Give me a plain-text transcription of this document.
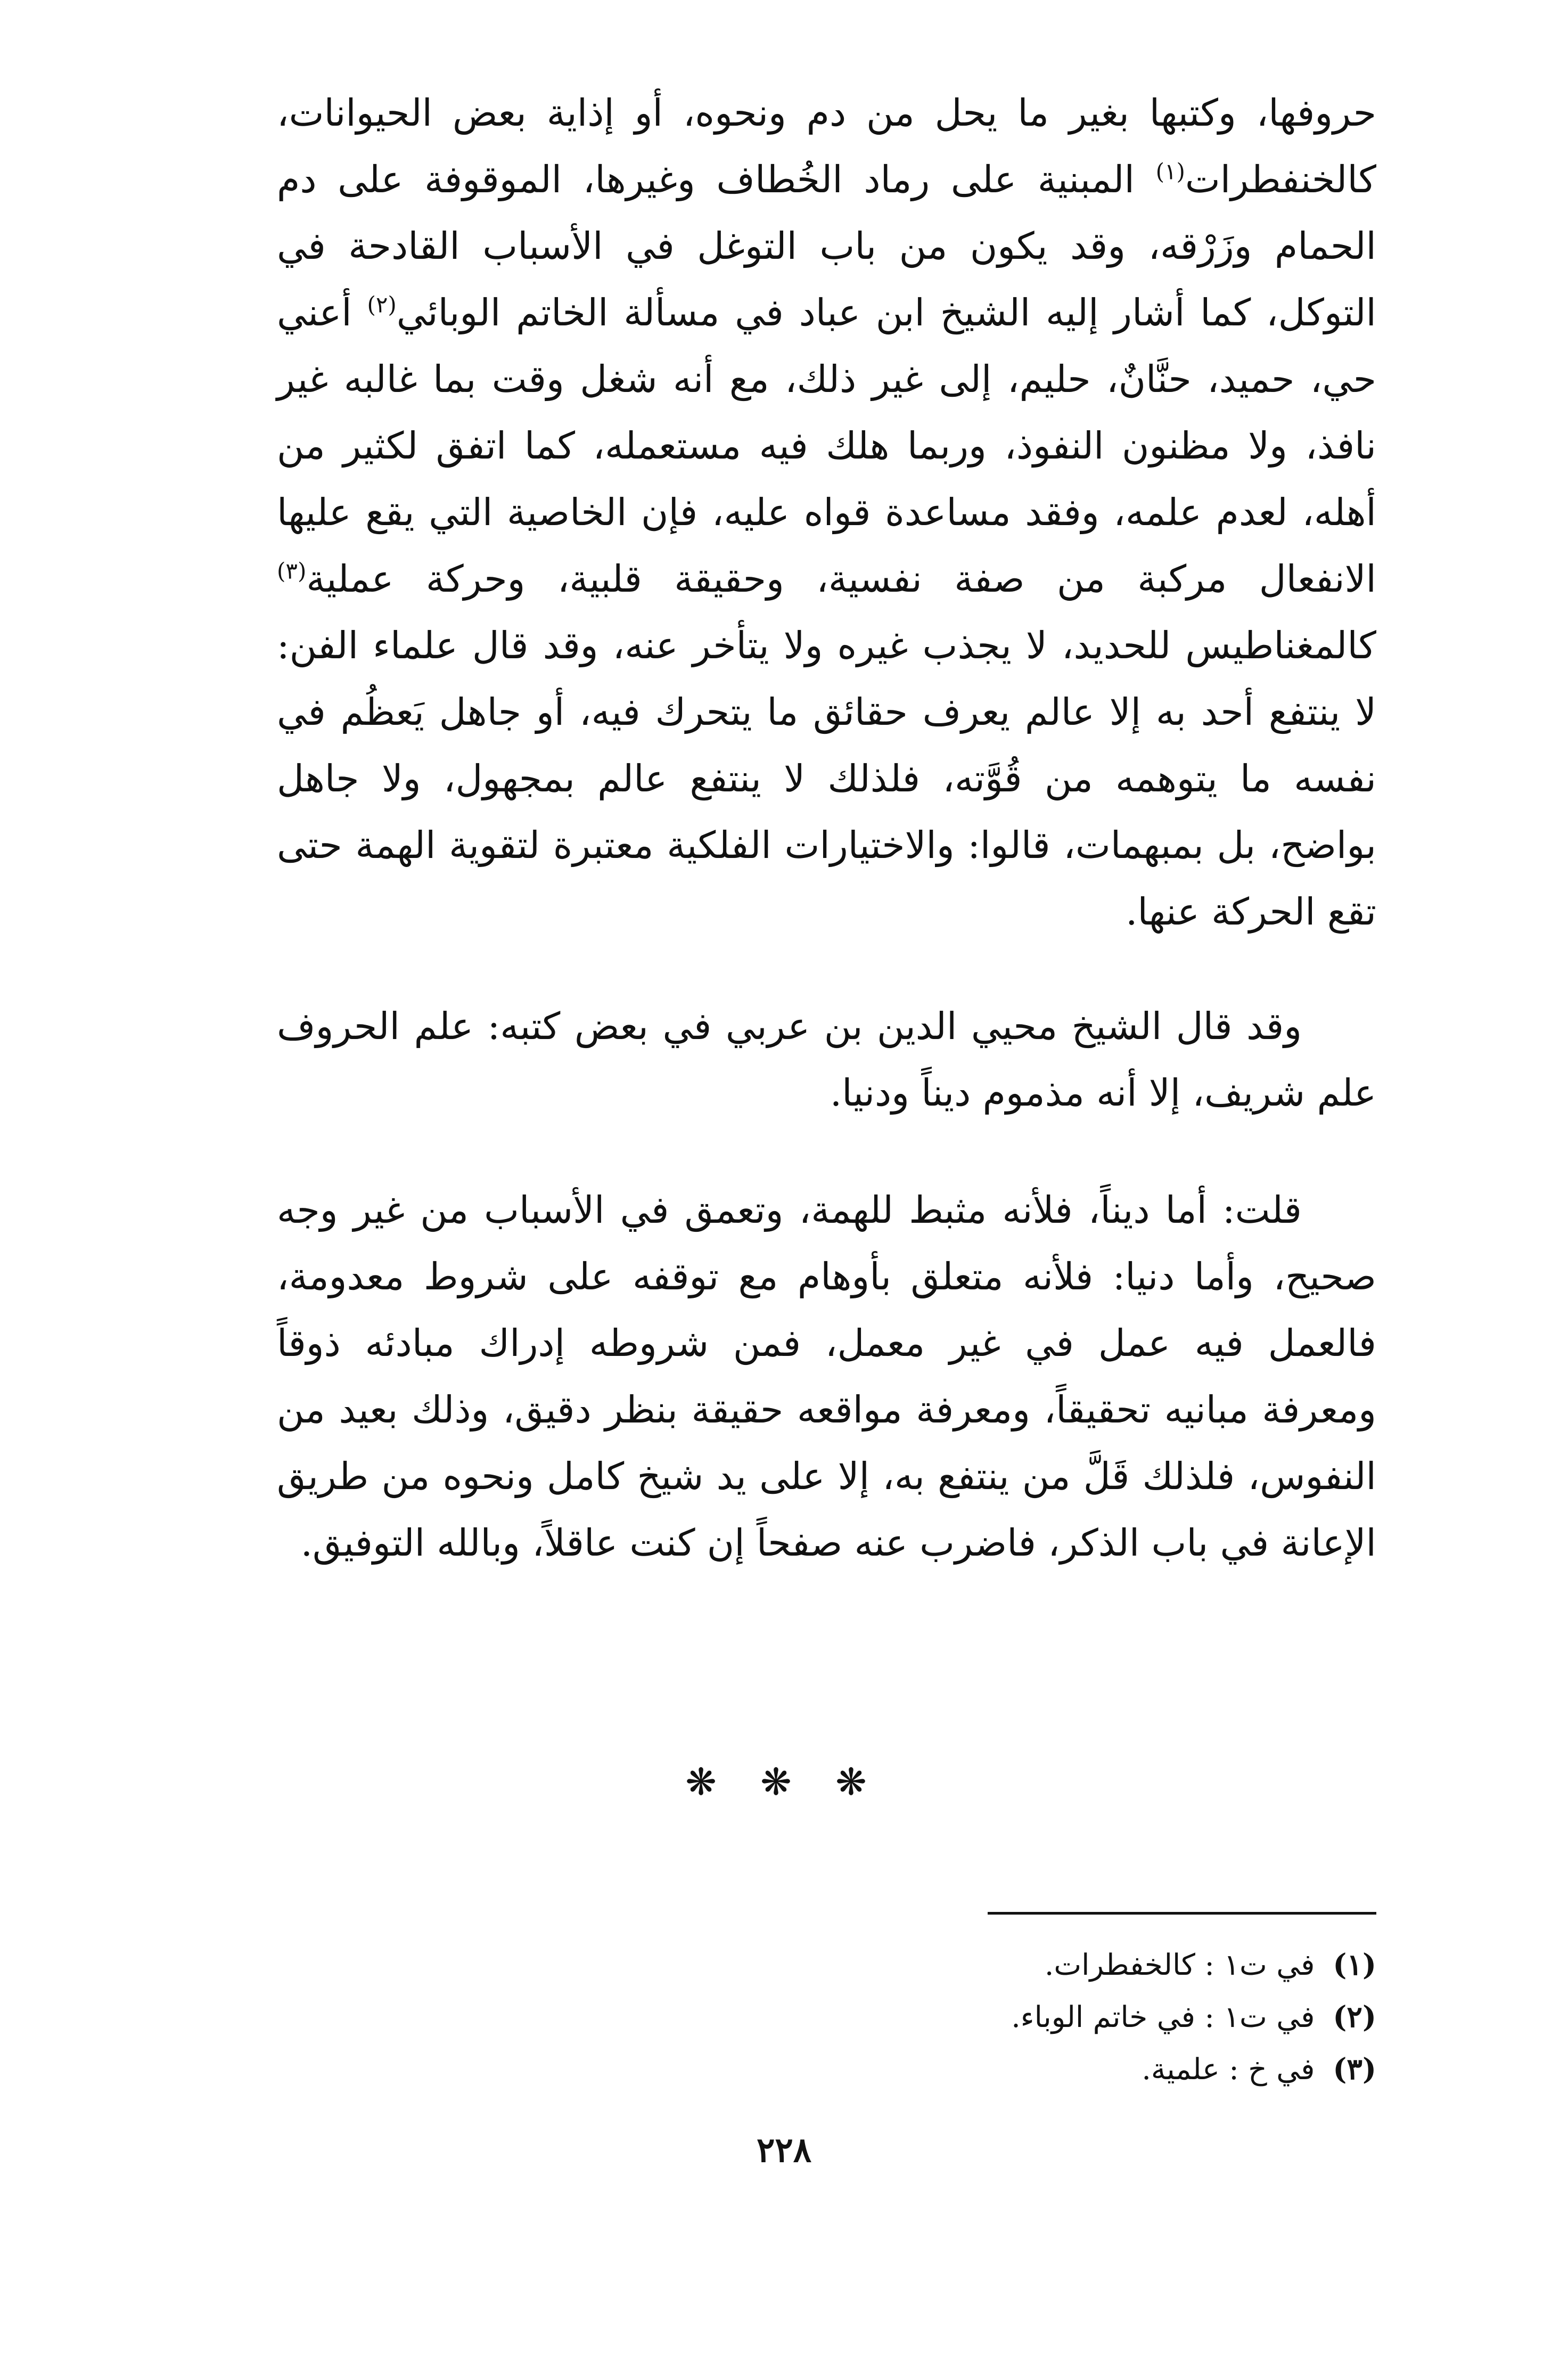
حروفها، وكتبها بغير ما يحل من دم ونحوه، أو إذاية بعض الحيوانات، كالخنفطرات$^{(١)}$ المبنية على رماد الخُطاف وغيرها، الموقوفة على دم الحمام وزَرْقه، وقد يكون من باب التوغل في الأسباب القادحة في التوكل، كما أشار إليه الشيخ ابن عباد في مسألة الخاتم الوبائي$^{(٢)}$ أعني حي، حميد، حنَّانٌ، حليم، إلى غير ذلك، مع أنه شغل وقت بما غالبه غير نافذ، ولا مظنون النفوذ، وربما هلك فيه مستعمله، كما اتفق لكثير من أهله، لعدم علمه، وفقد مساعدة قواه عليه، فإن الخاصية التي يقع عليها الانفعال مركبة من صفة نفسية، وحقيقة قلبية، وحركة عملية$^{(٣)}$ كالمغناطيس للحديد، لا يجذب غيره ولا يتأخر عنه، وقد قال علماء الفن: لا ينتفع أحد به إلا عالم يعرف حقائق ما يتحرك فيه، أو جاهل يَعظُم في نفسه ما يتوهمه من قُوَّته، فلذلك لا ينتفع عالم بمجهول، ولا جاهل بواضح، بل بمبهمات، قالوا: والاختيارات الفلكية معتبرة لتقوية الهمة حتى تقع الحركة عنها.

وقد قال الشيخ محيي الدين بن عربي في بعض كتبه: علم الحروف علم شريف، إلا أنه مذموم ديناً ودنيا.

قلت: أما ديناً، فلأنه مثبط للهمة، وتعمق في الأسباب من غير وجه صحيح، وأما دنيا: فلأنه متعلق بأوهام مع توقفه على شروط معدومة، فالعمل فيه عمل في غير معمل، فمن شروطه إدراك مبادئه ذوقاً ومعرفة مبانيه تحقيقاً، ومعرفة مواقعه حقيقة بنظر دقيق، وذلك بعيد من النفوس، فلذلك قَلَّ من ينتفع به، إلا على يد شيخ كامل ونحوه من طريق الإعانة في باب الذكر، فاضرب عنه صفحاً إن كنت عاقلاً، وبالله التوفيق.

❋ ❋ ❋
(١)في ت١ : كالخفطرات.
(٢)في ت١ : في خاتم الوباء.
(٣)في خ : علمية.
٢٢٨
